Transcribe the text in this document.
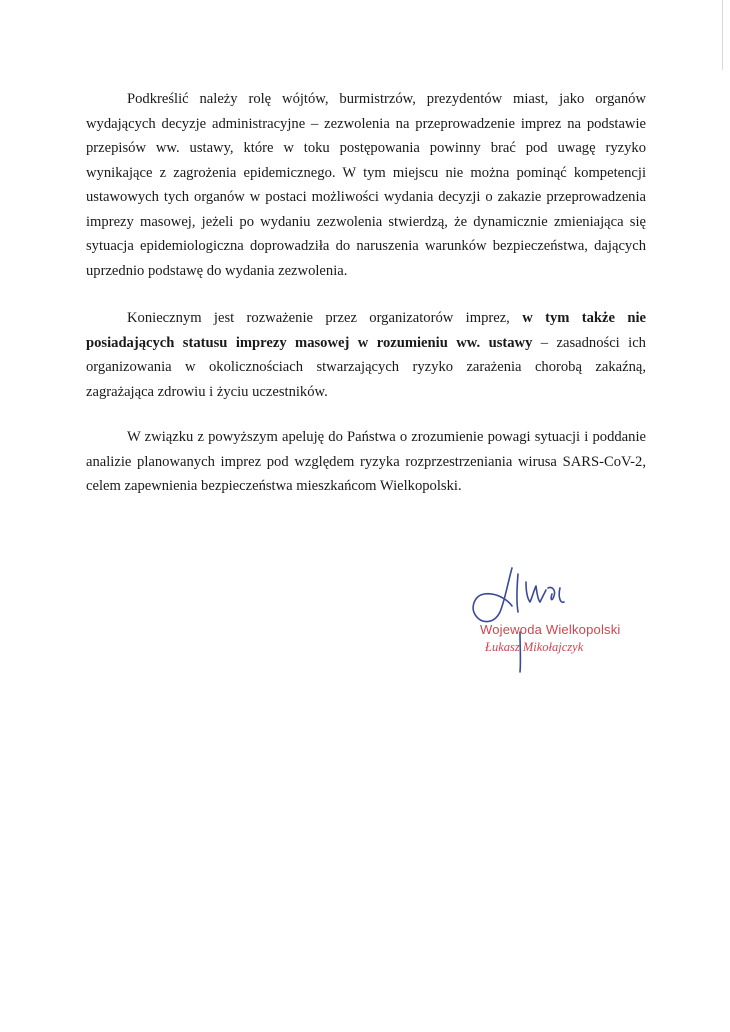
Podkreślić należy rolę wójtów, burmistrzów, prezydentów miast, jako organów wydających decyzje administracyjne – zezwolenia na przeprowadzenie imprez na podstawie przepisów ww. ustawy, które w toku postępowania powinny brać pod uwagę ryzyko wynikające z zagrożenia epidemicznego. W tym miejscu nie można pominąć kompetencji ustawowych tych organów w postaci możliwości wydania decyzji o zakazie przeprowadzenia imprezy masowej, jeżeli po wydaniu zezwolenia stwierdzą, że dynamicznie zmieniająca się sytuacja epidemiologiczna doprowadziła do naruszenia warunków bezpieczeństwa, dających uprzednio podstawę do wydania zezwolenia.

Koniecznym jest rozważenie przez organizatorów imprez, w tym także nie posiadających statusu imprezy masowej w rozumieniu ww. ustawy – zasadności ich organizowania w okolicznościach stwarzających ryzyko zarażenia chorobą zakaźną, zagrażająca zdrowiu i życiu uczestników.

W związku z powyższym apeluję do Państwa o zrozumienie powagi sytuacji i poddanie analizie planowanych imprez pod względem ryzyka rozprzestrzeniania wirusa SARS-CoV-2, celem zapewnienia bezpieczeństwa mieszkańcom Wielkopolski.

Wojewoda Wielkopolski
Łukasz Mikołajczyk
